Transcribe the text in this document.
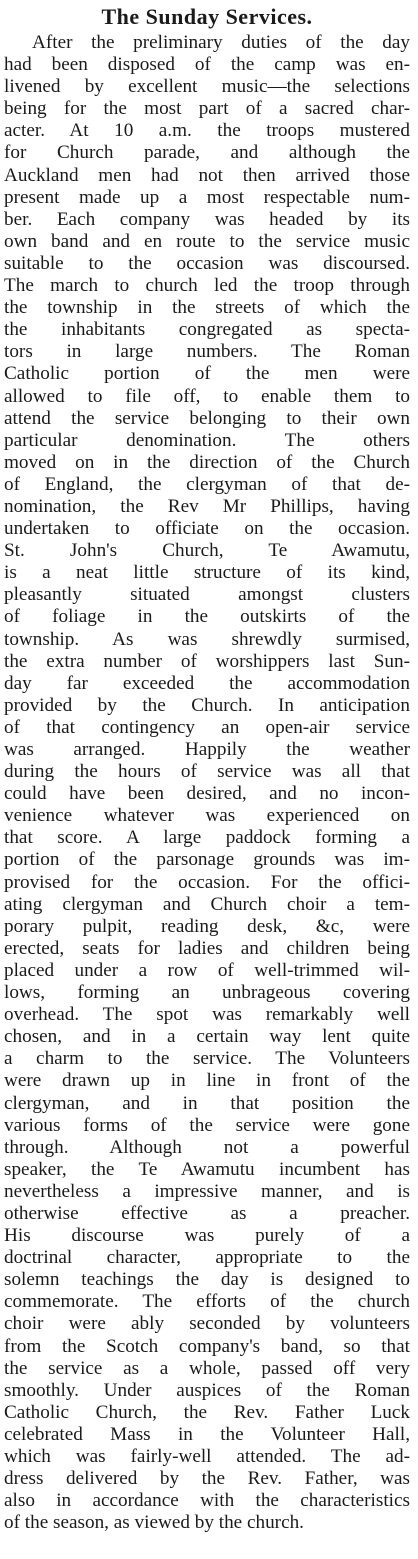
The Sunday Services.
After the preliminary duties of the day
had been disposed of the camp was en-
livened by excellent music—the selections
being for the most part of a sacred char-
acter. At 10 a.m. the troops mustered
for Church parade, and although the
Auckland men had not then arrived those
present made up a most respectable num-
ber. Each company was headed by its
own band and en route to the service music
suitable to the occasion was discoursed.
The march to church led the troop through
the township in the streets of which the
the inhabitants congregated as specta-
tors in large numbers. The Roman
Catholic portion of the men were
allowed to file off, to enable them to
attend the service belonging to their own
particular denomination. The others
moved on in the direction of the Church
of England, the clergyman of that de-
nomination, the Rev Mr Phillips, having
undertaken to officiate on the occasion.
St. John's Church, Te Awamutu,
is a neat little structure of its kind,
pleasantly situated amongst clusters
of foliage in the outskirts of the
township. As was shrewdly surmised,
the extra number of worshippers last Sun-
day far exceeded the accommodation
provided by the Church. In anticipation
of that contingency an open-air service
was arranged. Happily the weather
during the hours of service was all that
could have been desired, and no incon-
venience whatever was experienced on
that score. A large paddock forming a
portion of the parsonage grounds was im-
provised for the occasion. For the offici-
ating clergyman and Church choir a tem-
porary pulpit, reading desk, &c, were
erected, seats for ladies and children being
placed under a row of well-trimmed wil-
lows, forming an unbrageous covering
overhead. The spot was remarkably well
chosen, and in a certain way lent quite
a charm to the service. The Volunteers
were drawn up in line in front of the
clergyman, and in that position the
various forms of the service were gone
through. Although not a powerful
speaker, the Te Awamutu incumbent has
nevertheless a impressive manner, and is
otherwise effective as a preacher.
His discourse was purely of a
doctrinal character, appropriate to the
solemn teachings the day is designed to
commemorate. The efforts of the church
choir were ably seconded by volunteers
from the Scotch company's band, so that
the service as a whole, passed off very
smoothly. Under auspices of the Roman
Catholic Church, the Rev. Father Luck
celebrated Mass in the Volunteer Hall,
which was fairly-well attended. The ad-
dress delivered by the Rev. Father, was
also in accordance with the characteristics
of the season, as viewed by the church.
